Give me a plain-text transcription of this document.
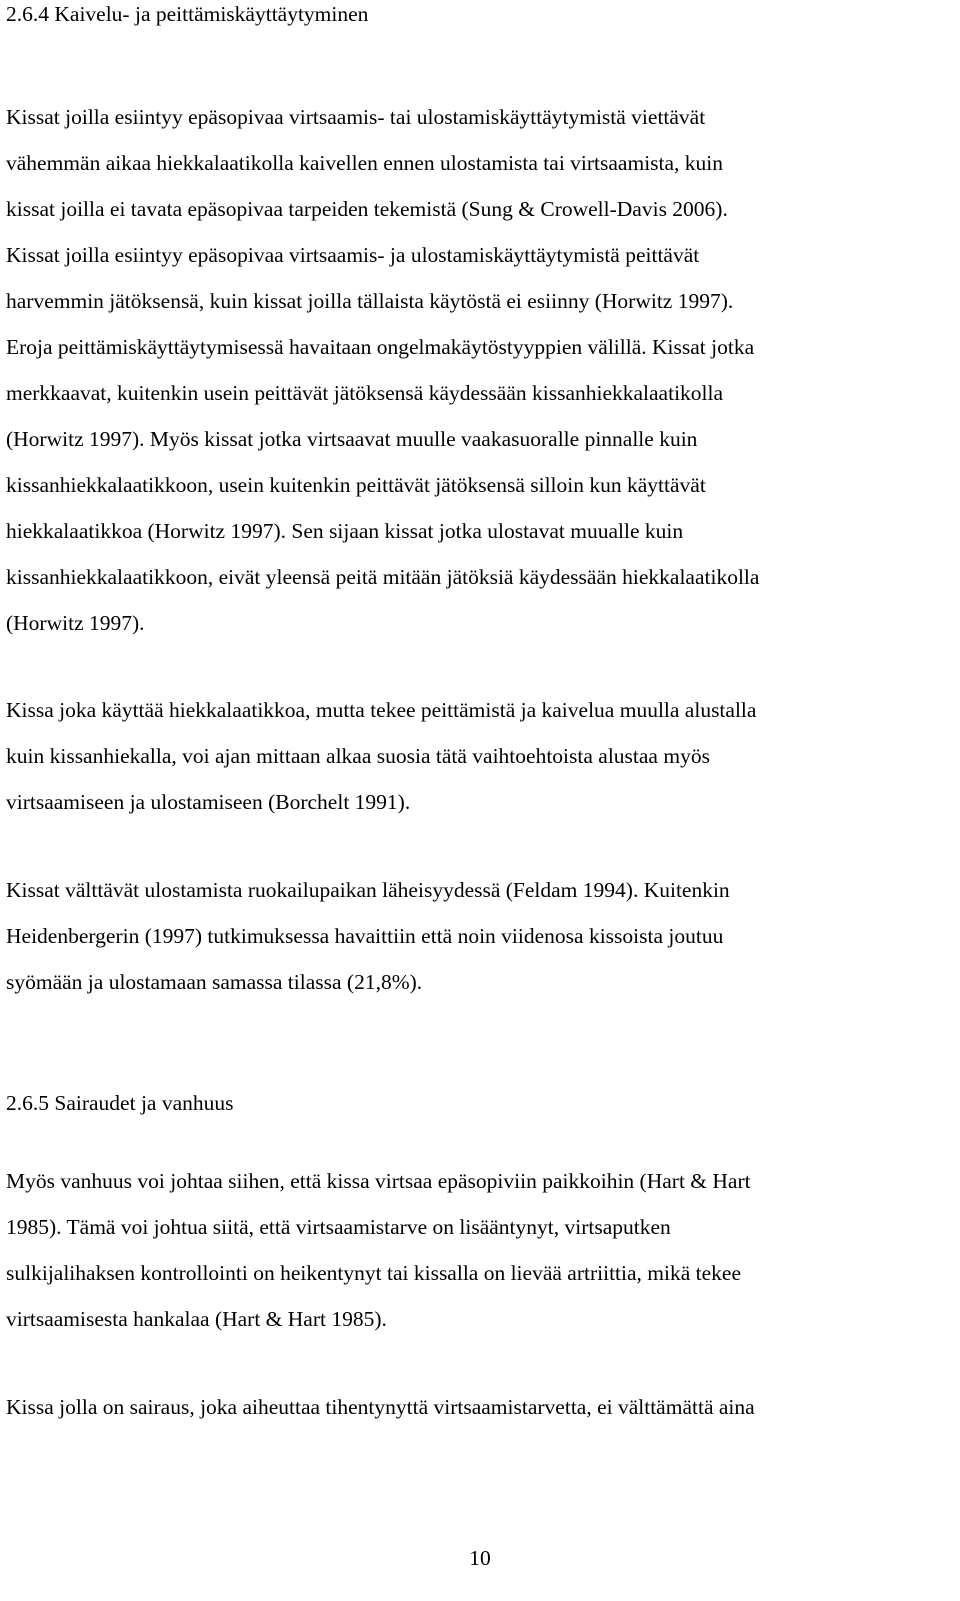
2.6.4 Kaivelu- ja peittämiskäyttäytyminen

Kissat joilla esiintyy epäsopivaa virtsaamis- tai ulostamiskäyttäytymistä viettävät

vähemmän aikaa hiekkalaatikolla kaivellen ennen ulostamista tai virtsaamista, kuin

kissat joilla ei tavata epäsopivaa tarpeiden tekemistä (Sung & Crowell-Davis 2006).

Kissat joilla esiintyy epäsopivaa virtsaamis- ja ulostamiskäyttäytymistä peittävät

harvemmin jätöksensä, kuin kissat joilla tällaista käytöstä ei esiinny (Horwitz 1997).

Eroja peittämiskäyttäytymisessä havaitaan ongelmakäytöstyyppien välillä. Kissat jotka

merkkaavat, kuitenkin usein peittävät jätöksensä käydessään kissanhiekkalaatikolla

(Horwitz 1997). Myös kissat jotka virtsaavat muulle vaakasuoralle pinnalle kuin

kissanhiekkalaatikkoon, usein kuitenkin peittävät jätöksensä silloin kun käyttävät

hiekkalaatikkoa (Horwitz 1997). Sen sijaan kissat jotka ulostavat muualle kuin

kissanhiekkalaatikkoon, eivät yleensä peitä mitään jätöksiä käydessään hiekkalaatikolla

(Horwitz 1997).

Kissa joka käyttää hiekkalaatikkoa, mutta tekee peittämistä ja kaivelua muulla alustalla

kuin kissanhiekalla, voi ajan mittaan alkaa suosia tätä vaihtoehtoista alustaa myös

virtsaamiseen ja ulostamiseen (Borchelt 1991).

Kissat välttävät ulostamista ruokailupaikan läheisyydessä (Feldam 1994). Kuitenkin

Heidenbergerin (1997) tutkimuksessa havaittiin että noin viidenosa kissoista joutuu

syömään ja ulostamaan samassa tilassa (21,8%).

2.6.5 Sairaudet ja vanhuus

Myös vanhuus voi johtaa siihen, että kissa virtsaa epäsopiviin paikkoihin (Hart & Hart

1985). Tämä voi johtua siitä, että virtsaamistarve on lisääntynyt, virtsaputken

sulkijalihaksen kontrollointi on heikentynyt tai kissalla on lievää artriittia, mikä tekee

virtsaamisesta hankalaa (Hart & Hart 1985).

Kissa jolla on sairaus, joka aiheuttaa tihentynyttä virtsaamistarvetta, ei välttämättä aina

10
